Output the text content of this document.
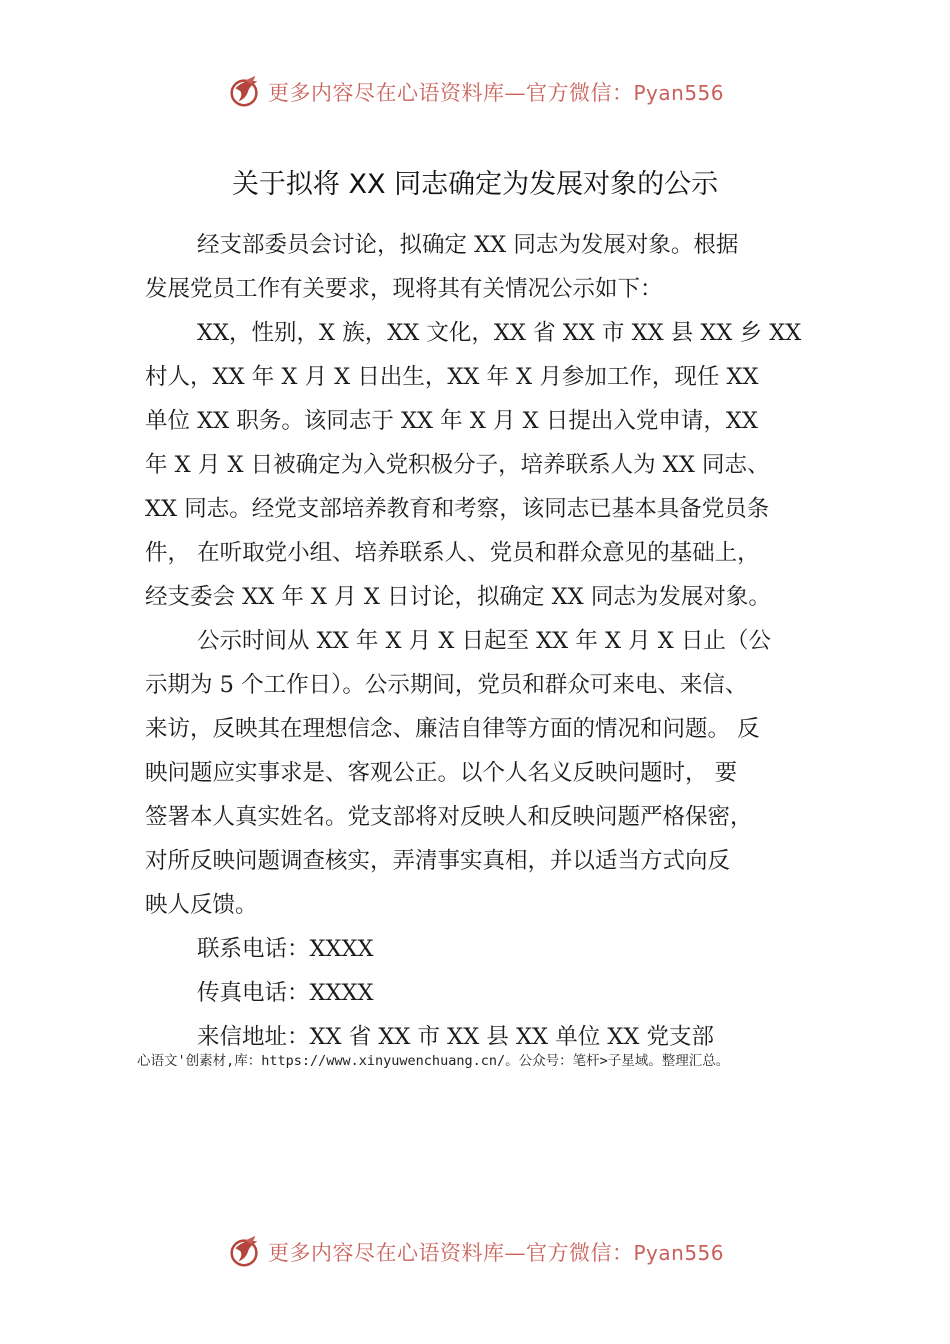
更多内容尽在心语资料库—官方微信：Pyan556
关于拟将 XX 同志确定为发展对象的公示
经支部委员会讨论，拟确定 XX 同志为发展对象。根据
发展党员工作有关要求，现将其有关情况公示如下：
XX，性别，X 族，XX 文化，XX 省 XX 市 XX 县 XX 乡 XX
村人，XX 年 X 月 X 日出生，XX 年 X 月参加工作，现任 XX
单位 XX 职务。该同志于 XX 年 X 月 X 日提出入党申请，XX
年 X 月 X 日被确定为入党积极分子，培养联系人为 XX 同志、
XX 同志。经党支部培养教育和考察，该同志已基本具备党员条
件， 在听取党小组、培养联系人、党员和群众意见的基础上，
经支委会 XX 年 X 月 X 日讨论，拟确定 XX 同志为发展对象。
公示时间从 XX 年 X 月 X 日起至 XX 年 X 月 X 日止（公
示期为 5 个工作日）。公示期间，党员和群众可来电、来信、
来访，反映其在理想信念、廉洁自律等方面的情况和问题。 反
映问题应实事求是、客观公正。以个人名义反映问题时， 要
签署本人真实姓名。党支部将对反映人和反映问题严格保密，
对所反映问题调查核实，弄清事实真相，并以适当方式向反
映人反馈。
联系电话：XXXX
传真电话：XXXX
来信地址：XX 省 XX 市 XX 县 XX 单位 XX 党支部
心语文'创素材,库：https://www.xinyuwenchuang.cn/。公众号：笔杆>子星域。整理汇总。
更多内容尽在心语资料库—官方微信：Pyan556
